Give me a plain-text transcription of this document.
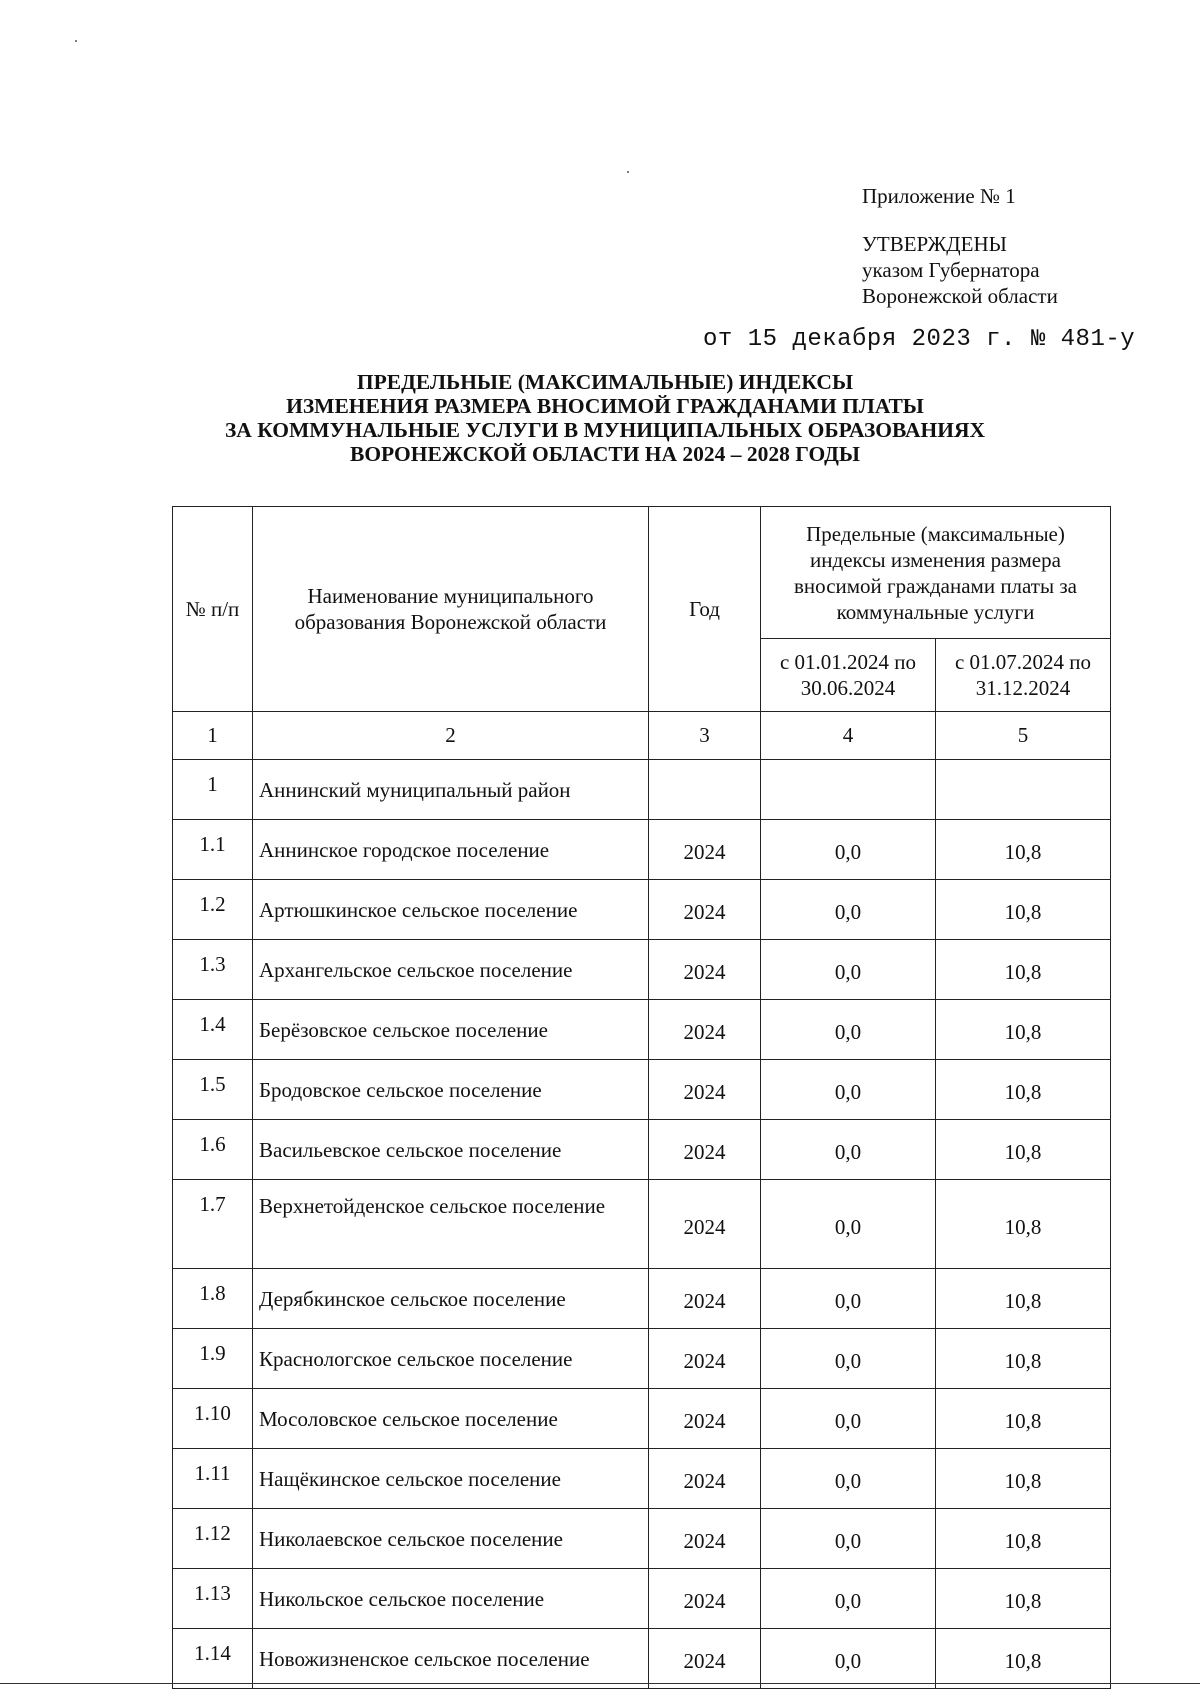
Приложение № 1
УТВЕРЖДЕНЫ
указом Губернатора
Воронежской области
от 15 декабря 2023 г. № 481-у
ПРЕДЕЛЬНЫЕ (МАКСИМАЛЬНЫЕ) ИНДЕКСЫ
ИЗМЕНЕНИЯ РАЗМЕРА ВНОСИМОЙ ГРАЖДАНАМИ ПЛАТЫ
ЗА КОММУНАЛЬНЫЕ УСЛУГИ В МУНИЦИПАЛЬНЫХ ОБРАЗОВАНИЯХ
ВОРОНЕЖСКОЙ ОБЛАСТИ НА 2024 – 2028 ГОДЫ
№ п/п	Наименование муниципального образования Воронежской области	Год	Предельные (максимальные) индексы изменения размера вносимой гражданами платы за коммунальные услуги	
			с 01.01.2024 по 30.06.2024	с 01.07.2024 по 31.12.2024
1	2	3	4	5
1	Аннинский муниципальный район			
1.1	Аннинское городское поселение	2024	0,0	10,8
1.2	Артюшкинское сельское поселение	2024	0,0	10,8
1.3	Архангельское сельское поселение	2024	0,0	10,8
1.4	Берёзовское сельское поселение	2024	0,0	10,8
1.5	Бродовское сельское поселение	2024	0,0	10,8
1.6	Васильевское сельское поселение	2024	0,0	10,8
1.7	Верхнетойденское сельское поселение	2024	0,0	10,8
1.8	Дерябкинское сельское поселение	2024	0,0	10,8
1.9	Краснологское сельское поселение	2024	0,0	10,8
1.10	Мосоловское сельское поселение	2024	0,0	10,8
1.11	Нащёкинское сельское поселение	2024	0,0	10,8
1.12	Николаевское сельское поселение	2024	0,0	10,8
1.13	Никольское сельское поселение	2024	0,0	10,8
1.14	Новожизненское сельское поселение	2024	0,0	10,8
